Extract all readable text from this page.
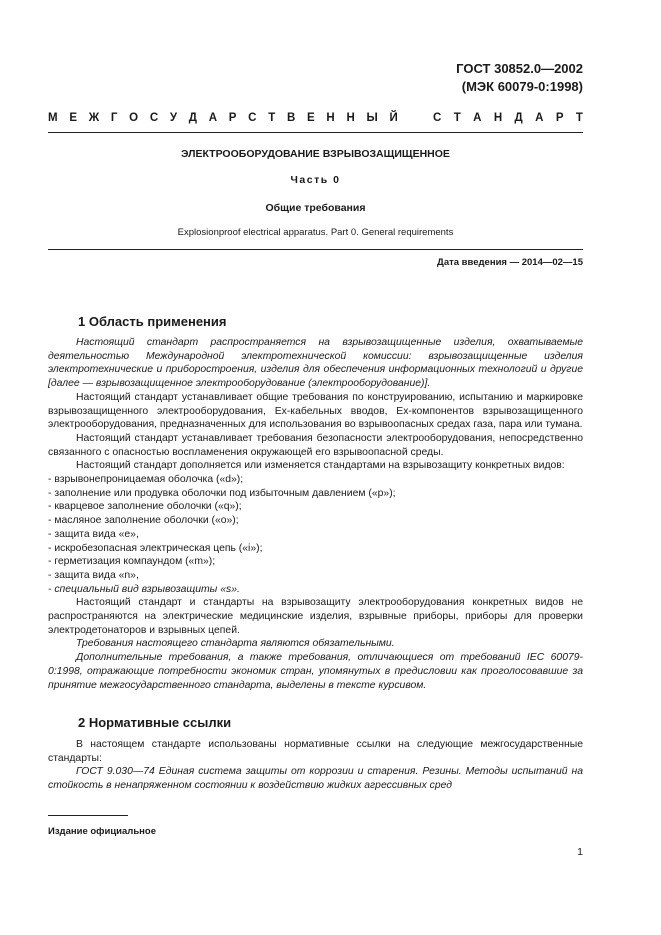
ГОСТ 30852.0—2002
(МЭК 60079-0:1998)
М Е Ж Г О С У Д А Р С Т В Е Н Н Ы Й	С Т А Н Д А Р Т
ЭЛЕКТРООБОРУДОВАНИЕ ВЗРЫВОЗАЩИЩЕННОЕ
Часть 0
Общие требования
Explosionproof electrical apparatus. Part 0. General requirements
Дата введения — 2014—02—15
1 Область применения

Настоящий стандарт распространяется на взрывозащищенные изделия, охватываемые деятельностью Международной электротехнической комиссии: взрывозащищенные изделия электротехнические и приборостроения, изделия для обеспечения информационных технологий и другие [далее — взрывозащищенное электрооборудование (электрооборудование)].

Настоящий стандарт устанавливает общие требования по конструированию, испытанию и маркировке взрывозащищенного электрооборудования, Ex-кабельных вводов, Ex-компонентов взрывозащищенного электрооборудования, предназначенных для использования во взрывоопасных средах газа, пара или тумана.

Настоящий стандарт устанавливает требования безопасности электрооборудования, непосредственно связанного с опасностью воспламенения окружающей его взрывоопасной среды.

Настоящий стандарт дополняется или изменяется стандартами на взрывозащиту конкретных видов:

- взрывонепроницаемая оболочка («d»);

- заполнение или продувка оболочки под избыточным давлением («р»);

- кварцевое заполнение оболочки («q»);

- масляное заполнение оболочки («о»);

- защита вида «е»,

- искробезопасная электрическая цепь («i»);

- герметизация компаундом («m»);

- защита вида «n»,

- специальный вид взрывозащиты «s».

Настоящий стандарт и стандарты на взрывозащиту электрооборудования конкретных видов не распространяются на электрические медицинские изделия, взрывные приборы, приборы для проверки электродетонаторов и взрывных цепей.

Требования настоящего стандарта являются обязательными.

Дополнительные требования, а также требования, отличающиеся от требований IEC 60079-0:1998, отражающие потребности экономик стран, упомянутых в предисловии как проголосовавшие за принятие межгосударственного стандарта, выделены в тексте курсивом.

2 Нормативные ссылки

В настоящем стандарте использованы нормативные ссылки на следующие межгосударственные стандарты:

ГОСТ 9.030—74 Единая система защиты от коррозии и старения. Резины. Методы испытаний на стойкость в ненапряженном состоянии к воздействию жидких агрессивных сред

Издание официальное
1
